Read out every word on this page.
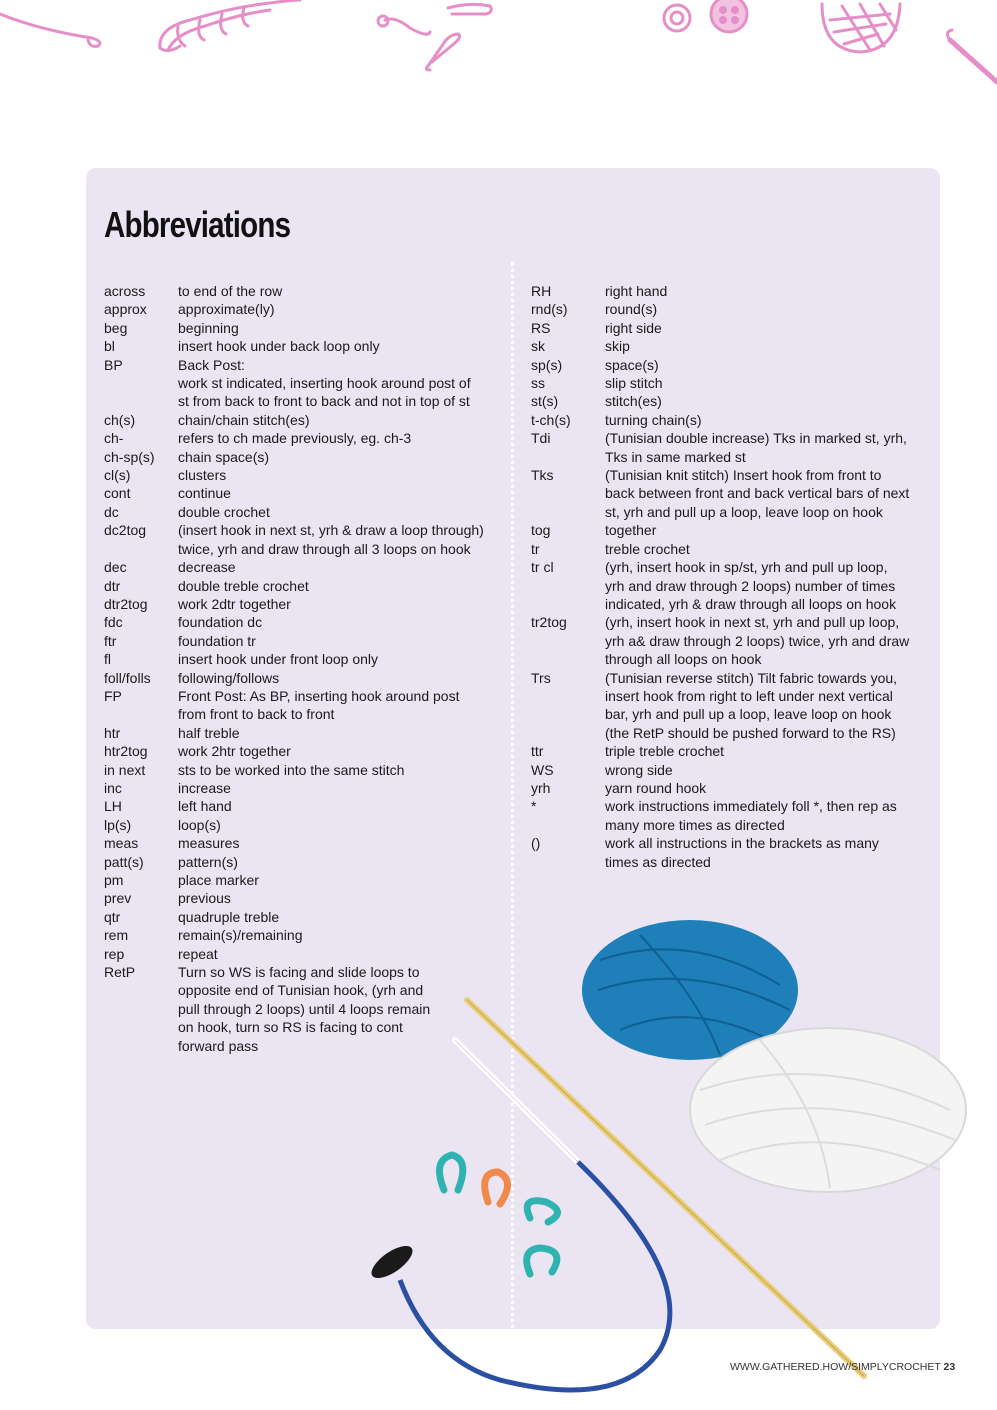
Abbreviations
across	to end of the row
approx	approximate(ly)
beg	beginning
bl	insert hook under back loop only
BP	Back Post:
work st indicated, inserting hook around post of
st from back to front to back and not in top of st
ch(s)	chain/chain stitch(es)
ch-	refers to ch made previously, eg. ch-3
ch-sp(s)	chain space(s)
cl(s)	clusters
cont	continue
dc	double crochet
dc2tog	(insert hook in next st, yrh & draw a loop through)
twice, yrh and draw through all 3 loops on hook
dec	decrease
dtr	double treble crochet
dtr2tog	work 2dtr together
fdc	foundation dc
ftr	foundation tr
fl	insert hook under front loop only
foll/folls	following/follows
FP	Front Post: As BP, inserting hook around post
from front to back to front
htr	half treble
htr2tog	work 2htr together
in next	sts to be worked into the same stitch
inc	increase
LH	left hand
lp(s)	loop(s)
meas	measures
patt(s)	pattern(s)
pm	place marker
prev	previous
qtr	quadruple treble
rem	remain(s)/remaining
rep	repeat
RetP	Turn so WS is facing and slide loops to
opposite end of Tunisian hook, (yrh and
pull through 2 loops) until 4 loops remain
on hook, turn so RS is facing to cont
forward pass
RH	right hand
rnd(s)	round(s)
RS	right side
sk	skip
sp(s)	space(s)
ss	slip stitch
st(s)	stitch(es)
t-ch(s)	turning chain(s)
Tdi	(Tunisian double increase) Tks in marked st, yrh,
Tks in same marked st
Tks	(Tunisian knit stitch) Insert hook from front to
back between front and back vertical bars of next
st, yrh and pull up a loop, leave loop on hook
tog	together
tr	treble crochet
tr cl	(yrh, insert hook in sp/st, yrh and pull up loop,
yrh and draw through 2 loops) number of times
indicated, yrh & draw through all loops on hook
tr2tog	(yrh, insert hook in next st, yrh and pull up loop,
yrh a& draw through 2 loops) twice, yrh and draw
through all loops on hook
Trs	(Tunisian reverse stitch) Tilt fabric towards you,
insert hook from right to left under next vertical
bar, yrh and pull up a loop, leave loop on hook
(the RetP should be pushed forward to the RS)
ttr	triple treble crochet
WS	wrong side
yrh	yarn round hook
*	work instructions immediately foll *, then rep as
many more times as directed
()	work all instructions in the brackets as many
times as directed
WWW.GATHERED.HOW/SIMPLYCROCHET 23
